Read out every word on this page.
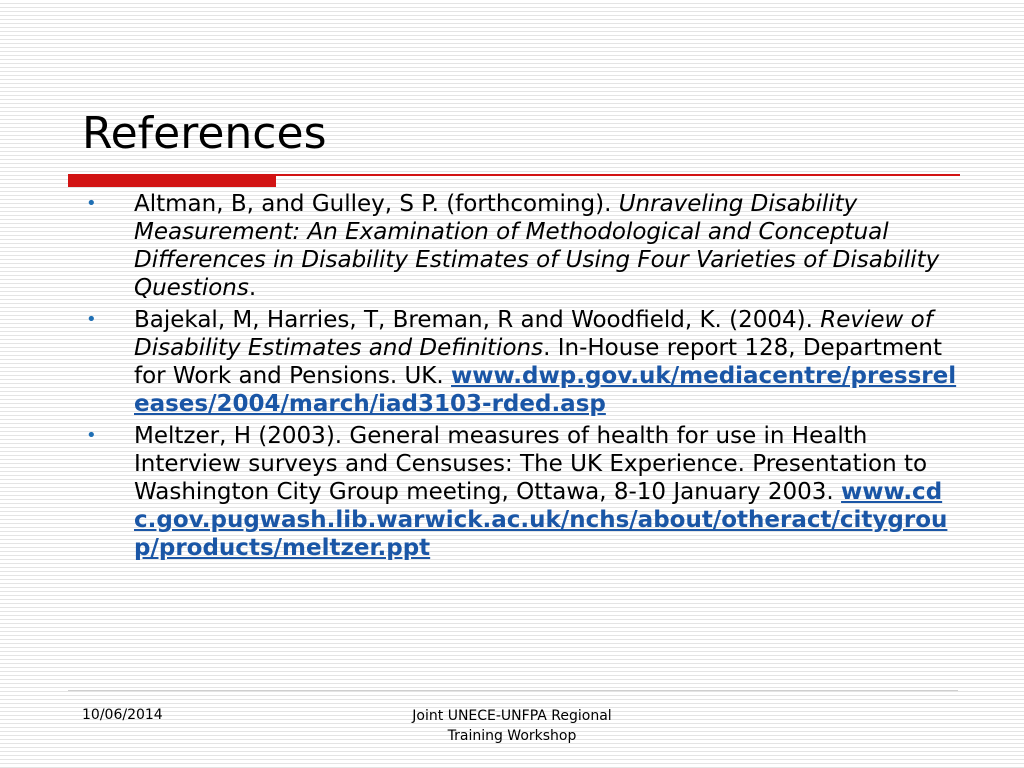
References
• Altman, B, and Gulley, S P. (forthcoming). Unraveling Disability Measurement: An Examination of Methodological and Conceptual Differences in Disability Estimates of Using Four Varieties of Disability Questions.
• Bajekal, M, Harries, T, Breman, R and Woodfield, K. (2004). Review of Disability Estimates and Definitions. In-House report 128, Department for Work and Pensions. UK. www.dwp.gov.uk/mediacentre/pressreleases/2004/march/iad3103-rded.asp
• Meltzer, H (2003). General measures of health for use in Health Interview surveys and Censuses: The UK Experience. Presentation to Washington City Group meeting, Ottawa, 8-10 January 2003. www.cdc.gov.pugwash.lib.warwick.ac.uk/nchs/about/otheract/citygroup/products/meltzer.ppt
10/06/2014	Joint UNECE-UNFPA Regional
Training Workshop
